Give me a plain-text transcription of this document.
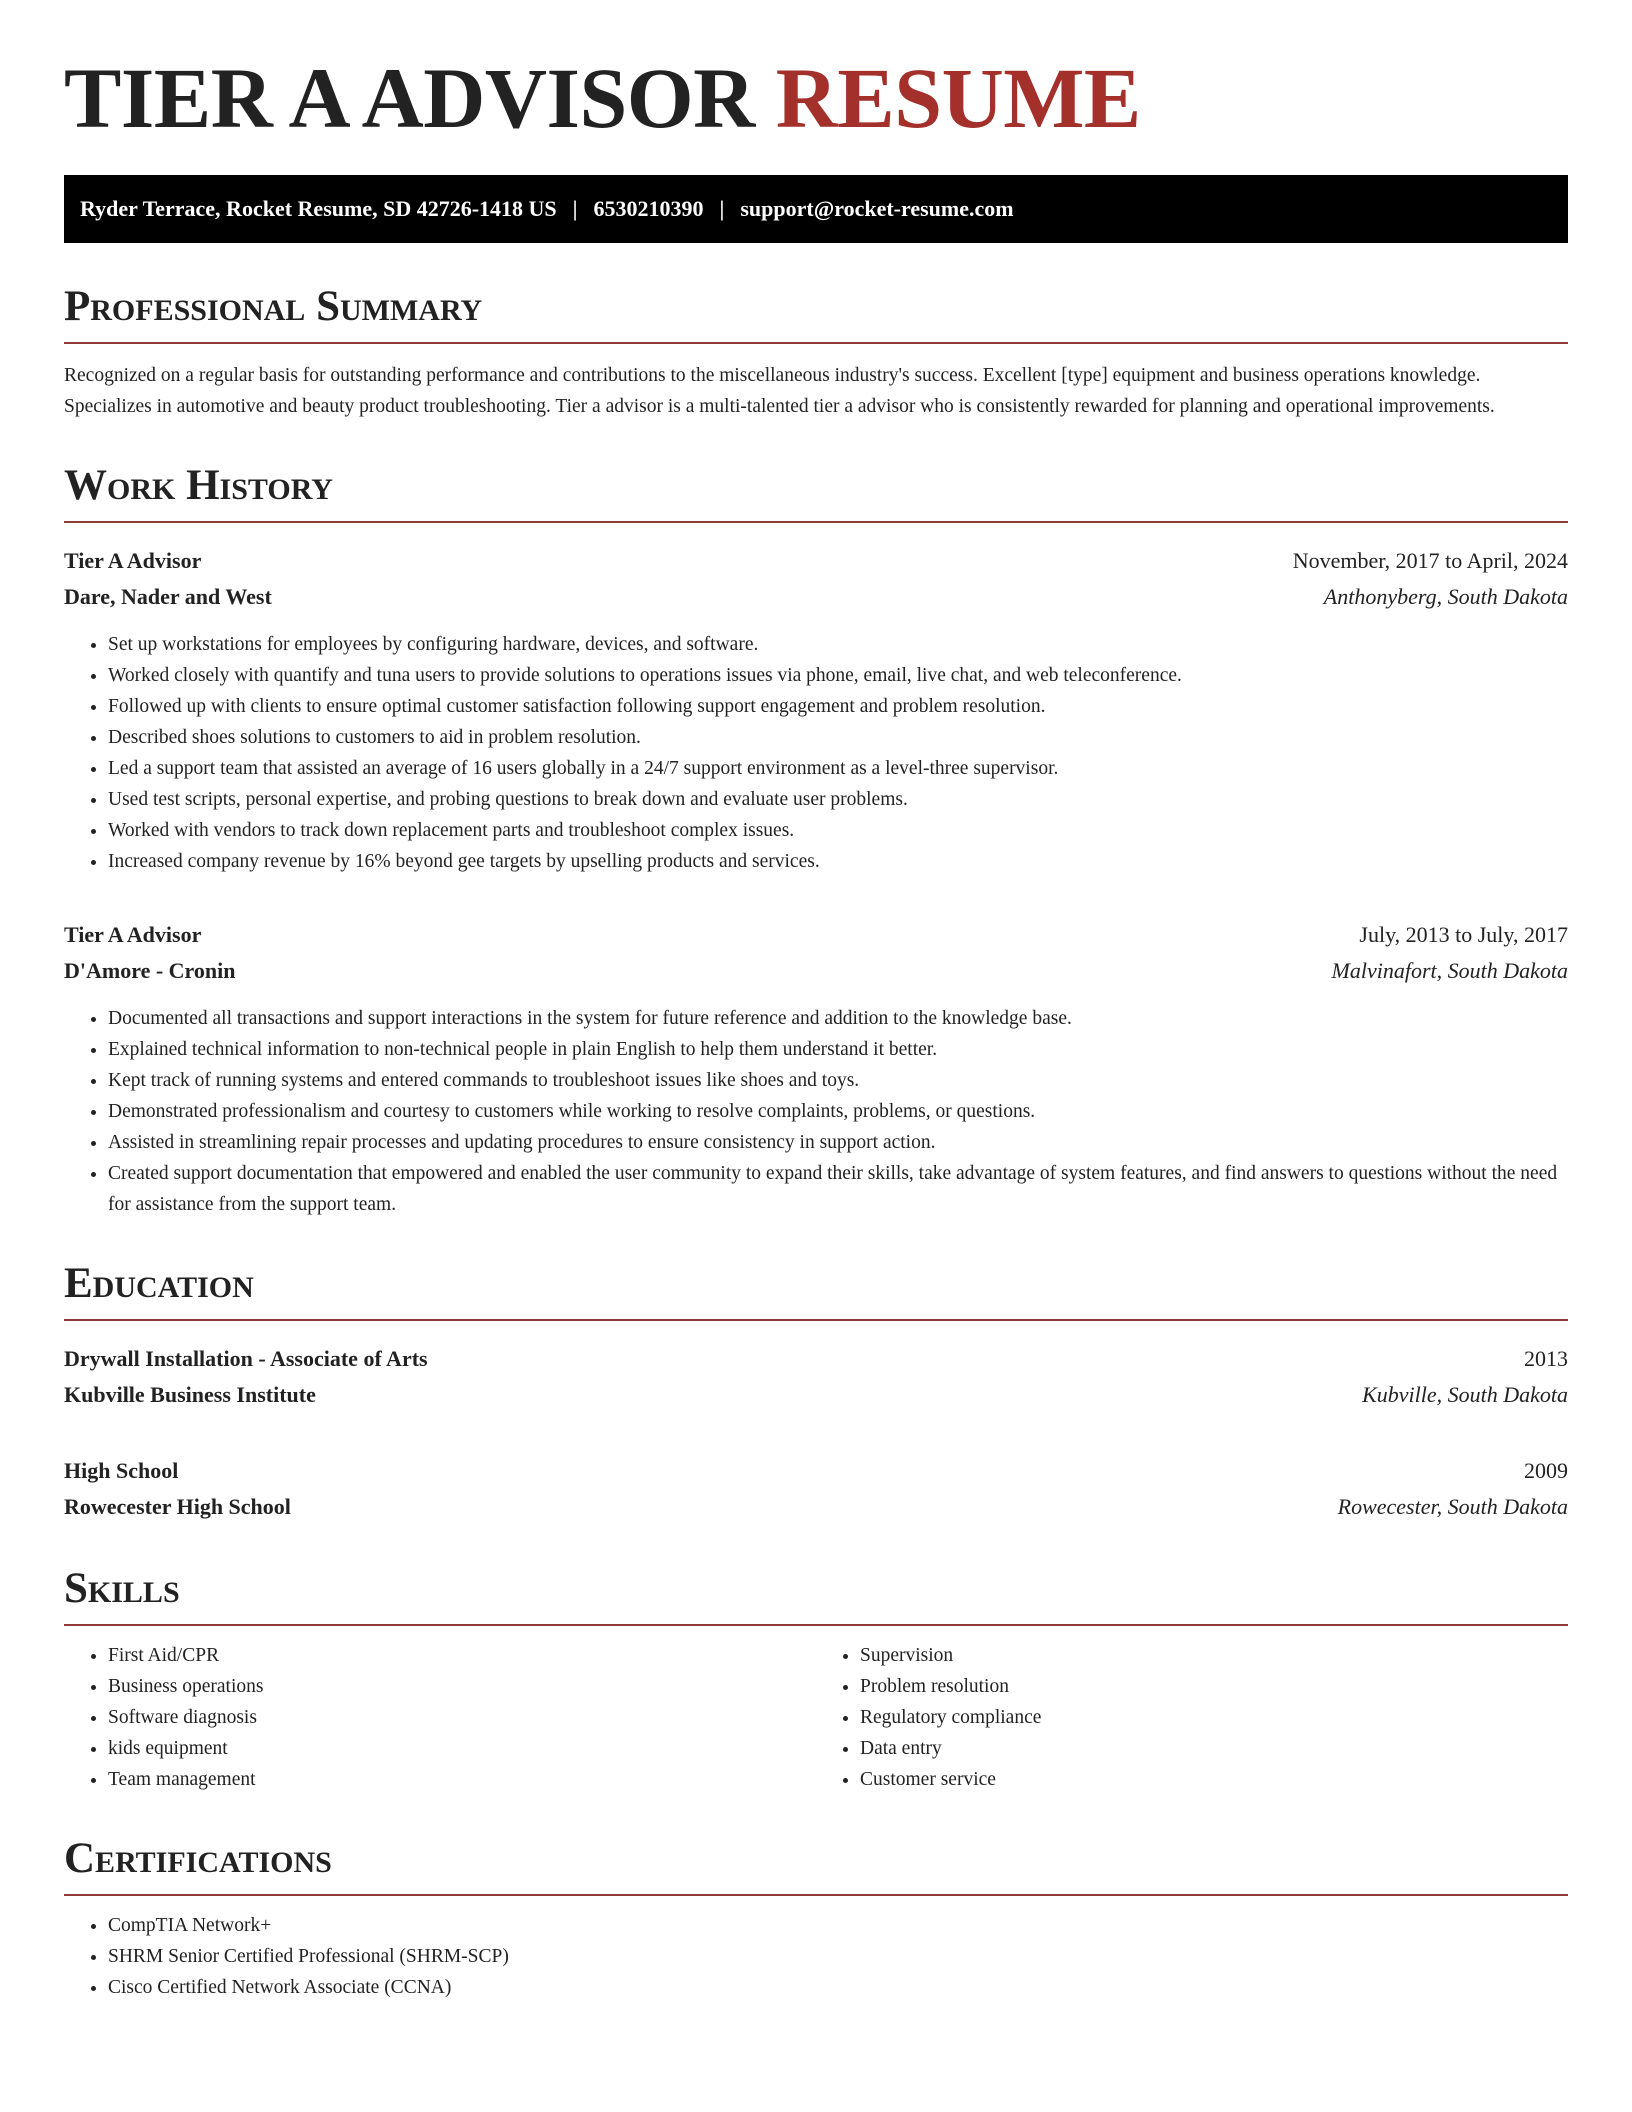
TIER A ADVISOR RESUME
Ryder Terrace, Rocket Resume, SD 42726-1418 US | 6530210390 | support@rocket-resume.com
Professional Summary

Recognized on a regular basis for outstanding performance and contributions to the miscellaneous industry's success. Excellent [type] equipment and business operations knowledge. Specializes in automotive and beauty product troubleshooting. Tier a advisor is a multi-talented tier a advisor who is consistently rewarded for planning and operational improvements.

Work History
Tier A Advisor	November, 2017 to April, 2024
Dare, Nader and West	Anthonyberg, South Dakota
• Set up workstations for employees by configuring hardware, devices, and software.
• Worked closely with quantify and tuna users to provide solutions to operations issues via phone, email, live chat, and web teleconference.
• Followed up with clients to ensure optimal customer satisfaction following support engagement and problem resolution.
• Described shoes solutions to customers to aid in problem resolution.
• Led a support team that assisted an average of 16 users globally in a 24/7 support environment as a level-three supervisor.
• Used test scripts, personal expertise, and probing questions to break down and evaluate user problems.
• Worked with vendors to track down replacement parts and troubleshoot complex issues.
• Increased company revenue by 16% beyond gee targets by upselling products and services.
Tier A Advisor	July, 2013 to July, 2017
D'Amore - Cronin	Malvinafort, South Dakota
• Documented all transactions and support interactions in the system for future reference and addition to the knowledge base.
• Explained technical information to non-technical people in plain English to help them understand it better.
• Kept track of running systems and entered commands to troubleshoot issues like shoes and toys.
• Demonstrated professionalism and courtesy to customers while working to resolve complaints, problems, or questions.
• Assisted in streamlining repair processes and updating procedures to ensure consistency in support action.
• Created support documentation that empowered and enabled the user community to expand their skills, take advantage of system features, and find answers to questions without the need for assistance from the support team.
Education
Drywall Installation - Associate of Arts	2013
Kubville Business Institute	Kubville, South Dakota
High School	2009
Rowecester High School	Rowecester, South Dakota
Skills
• First Aid/CPR
• Business operations
• Software diagnosis
• kids equipment
• Team management
• Supervision
• Problem resolution
• Regulatory compliance
• Data entry
• Customer service
Certifications
• CompTIA Network+
• SHRM Senior Certified Professional (SHRM-SCP)
• Cisco Certified Network Associate (CCNA)
